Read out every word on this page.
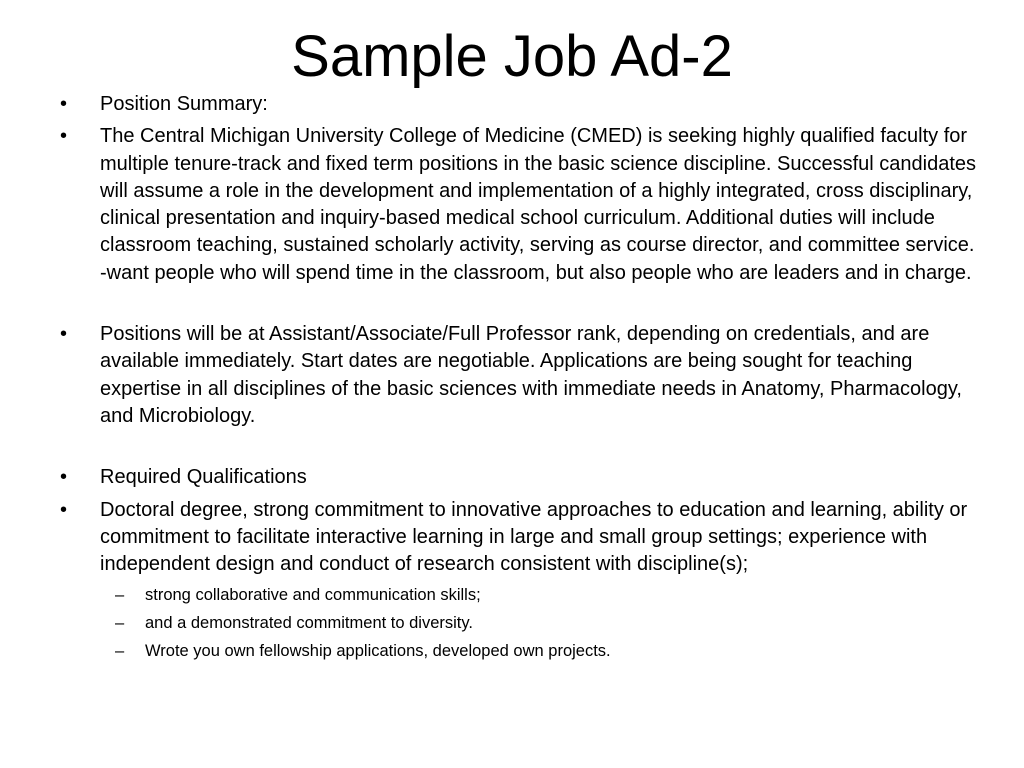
Sample Job Ad-2
•	Position Summary:
•	The Central Michigan University College of Medicine (CMED) is seeking highly qualified faculty for multiple tenure-track and fixed term positions in the basic science discipline. Successful candidates will assume a role in the development and implementation of a highly integrated, cross disciplinary, clinical presentation and inquiry-based medical school curriculum. Additional duties will include classroom teaching, sustained scholarly activity, serving as course director, and committee service. -want people who will spend time in the classroom, but also people who are leaders and in charge.
•	Positions will be at Assistant/Associate/Full Professor rank, depending on credentials, and are available immediately. Start dates are negotiable. Applications are being sought for teaching expertise in all disciplines of the basic sciences with immediate needs in Anatomy, Pharmacology, and Microbiology.
•	Required Qualifications
•	Doctoral degree, strong commitment to innovative approaches to education and learning, ability or commitment to facilitate interactive learning in large and small group settings; experience with independent design and conduct of research consistent with discipline(s);
–	strong collaborative and communication skills;
–	and a demonstrated commitment to diversity.
–	Wrote you own fellowship applications, developed own projects.
